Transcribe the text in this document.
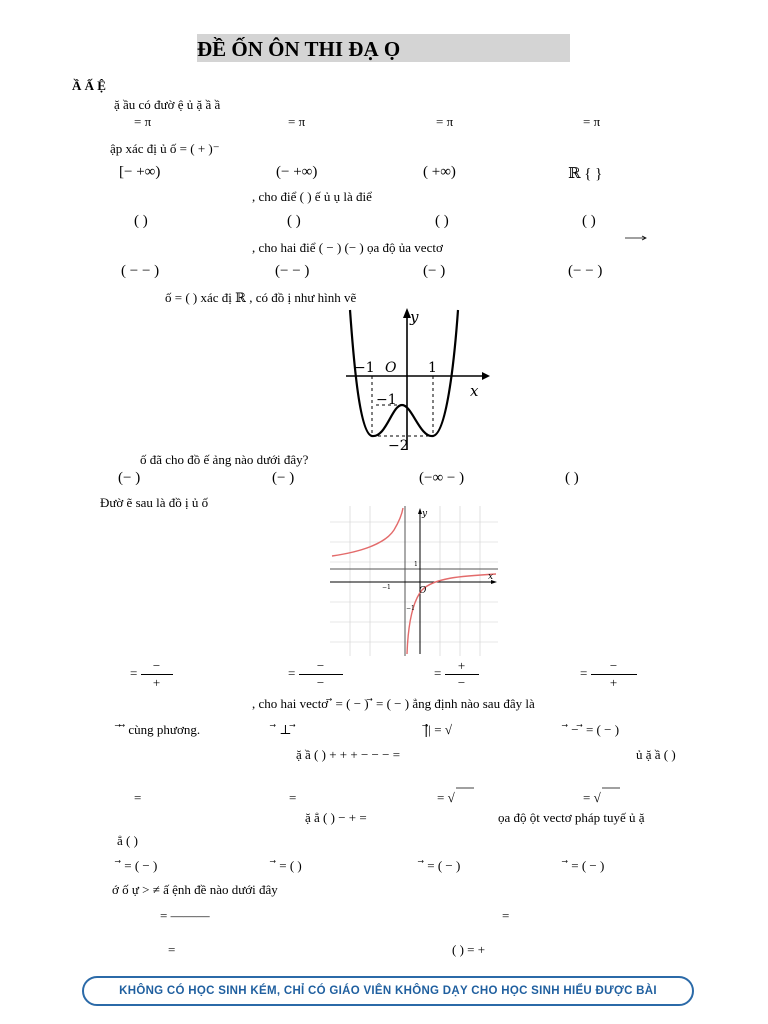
ĐỀ ỐN ÔN THI ĐẠ Ọ
Ầ Ấ Ệ
ặ ầu có đườ ệ ủ ặ ầ ầ
= π	= π	= π	= π
ập xác đị ủ ố = ( + )⁻
[− +∞)	(− +∞)	( +∞)	ℝ { }
, cho điể ( ) ế ủ ụ là điể
( )	( )	( )	( )
, cho hai điể ( − ) (− ) ọa độ ủa vectơ
( − − )	(− − )	(− )	(− − )
ố = ( ) xác đị ℝ , có đồ ị như hình vẽ
y
x
O
−1	1
−1
−2
ố đã cho đồ ế ảng nào dưới đây?
(− )	(− )	(−∞ − )	( )
Đườ ẽ sau là đồ ị ủ ố
y
x
O
1
−1
−1
= $\frac{-}{+}$	= $\frac{-}{-}$	= $\frac{+}{-}$	= $\frac{-}{+}$
, cho hai vectơ ⃗ = ( − ) ⃗ = ( − ) ẳng định nào sau đây là
⃗ ⃗ cùng phương.	⃗ ⊥ ⃗	|⃗| = √	⃗ − ⃗ = ( − )
ặ ầ ( ) + + + − − − =	ủ ặ ầ ( )
=	=	= √	= √
ặ ẳ ( ) − + =	ọa độ ột vectơ pháp tuyế ủ ặ
ẳ ( )
⃗ = ( − )	⃗ = ( )	⃗ = ( − )	⃗ = ( − )
ớ ố ự > ≠ ấ ệnh đề nào dưới đây
= ———	=
=	( ) = +
KHÔNG CÓ HỌC SINH KÉM, CHỈ CÓ GIÁO VIÊN KHÔNG DẠY CHO HỌC SINH HIỂU ĐƯỢC BÀI
